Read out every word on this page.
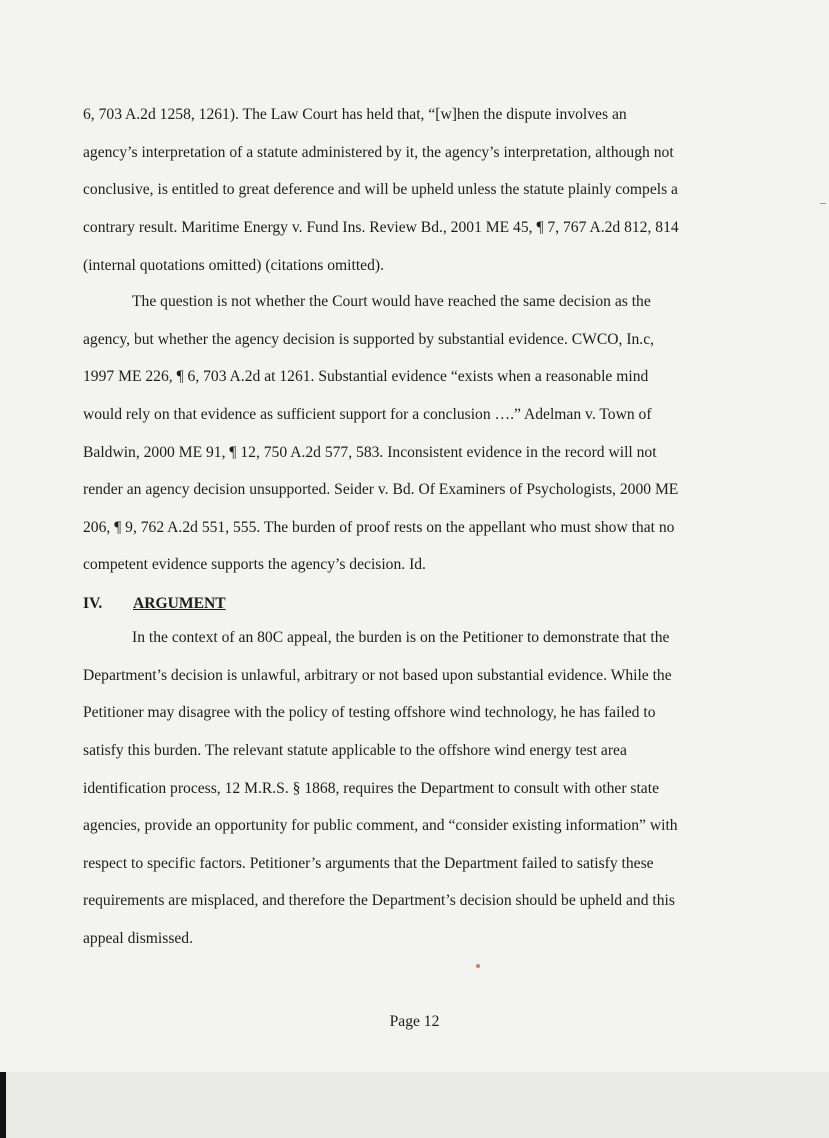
6, 703 A.2d 1258, 1261). The Law Court has held that, “[w]hen the dispute involves an
agency’s interpretation of a statute administered by it, the agency’s interpretation, although not
conclusive, is entitled to great deference and will be upheld unless the statute plainly compels a
contrary result. Maritime Energy v. Fund Ins. Review Bd., 2001 ME 45, ¶ 7, 767 A.2d 812, 814
(internal quotations omitted) (citations omitted).
The question is not whether the Court would have reached the same decision as the
agency, but whether the agency decision is supported by substantial evidence. CWCO, In.c,
1997 ME 226, ¶ 6, 703 A.2d at 1261. Substantial evidence “exists when a reasonable mind
would rely on that evidence as sufficient support for a conclusion ….” Adelman v. Town of
Baldwin, 2000 ME 91, ¶ 12, 750 A.2d 577, 583. Inconsistent evidence in the record will not
render an agency decision unsupported. Seider v. Bd. Of Examiners of Psychologists, 2000 ME
206, ¶ 9, 762 A.2d 551, 555. The burden of proof rests on the appellant who must show that no
competent evidence supports the agency’s decision. Id.
IV. ARGUMENT
In the context of an 80C appeal, the burden is on the Petitioner to demonstrate that the
Department’s decision is unlawful, arbitrary or not based upon substantial evidence. While the
Petitioner may disagree with the policy of testing offshore wind technology, he has failed to
satisfy this burden. The relevant statute applicable to the offshore wind energy test area
identification process, 12 M.R.S. § 1868, requires the Department to consult with other state
agencies, provide an opportunity for public comment, and “consider existing information” with
respect to specific factors. Petitioner’s arguments that the Department failed to satisfy these
requirements are misplaced, and therefore the Department’s decision should be upheld and this
appeal dismissed.
Page 12
